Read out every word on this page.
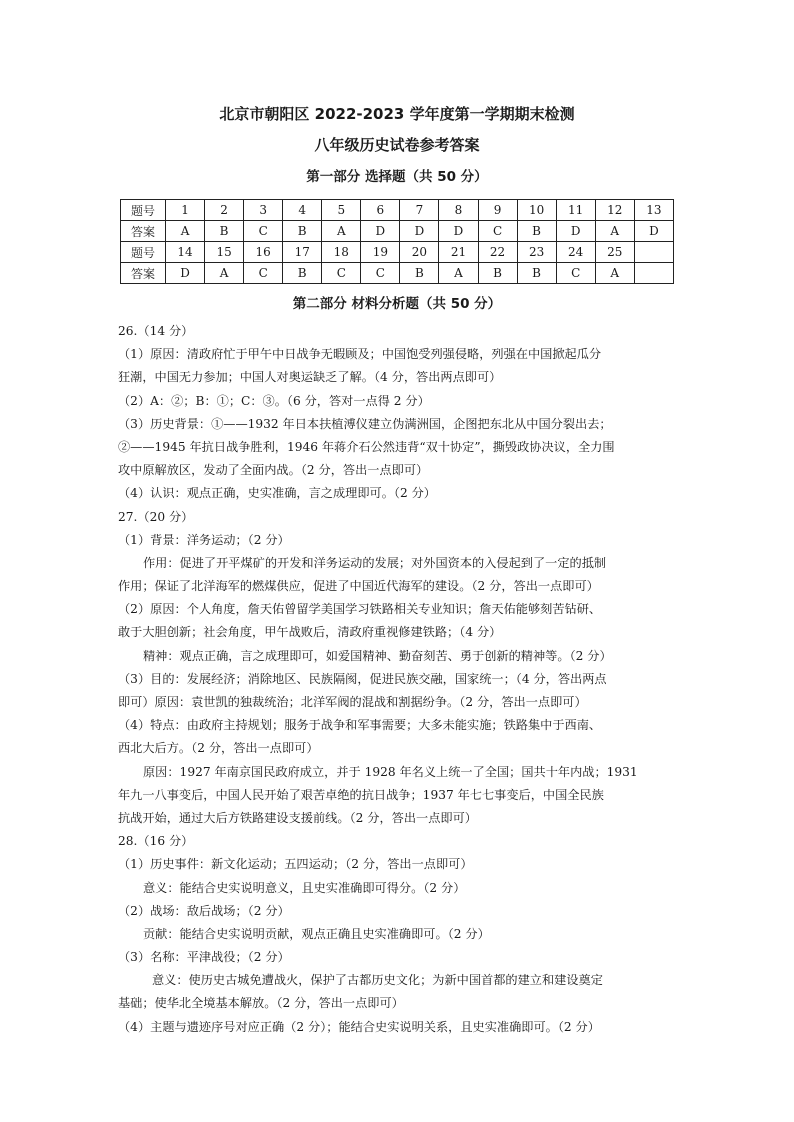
北京市朝阳区 2022-2023 学年度第一学期期末检测
八年级历史试卷参考答案
第一部分 选择题（共 50 分）
题号	1	2	3	4	5	6	7	8	9	10	11	12	13
答案	A	B	C	B	A	D	D	D	C	B	D	A	D
题号	14	15	16	17	18	19	20	21	22	23	24	25	
答案	D	A	C	B	C	C	B	A	B	B	C	A	
第二部分 材料分析题（共 50 分）
26.（14 分）
（1）原因：清政府忙于甲午中日战争无暇顾及；中国饱受列强侵略，列强在中国掀起瓜分
狂潮，中国无力参加；中国人对奥运缺乏了解。（4 分，答出两点即可）
（2）A：②；B：①；C：③。（6 分，答对一点得 2 分）
（3）历史背景：①——1932 年日本扶植溥仪建立伪满洲国，企图把东北从中国分裂出去；
②——1945 年抗日战争胜利，1946 年蒋介石公然违背“双十协定”，撕毁政协决议，全力围
攻中原解放区，发动了全面内战。（2 分，答出一点即可）
（4）认识：观点正确，史实准确，言之成理即可。（2 分）
27.（20 分）
（1）背景：洋务运动；（2 分）
作用：促进了开平煤矿的开发和洋务运动的发展；对外国资本的入侵起到了一定的抵制
作用；保证了北洋海军的燃煤供应，促进了中国近代海军的建设。（2 分，答出一点即可）
（2）原因：个人角度，詹天佑曾留学美国学习铁路相关专业知识；詹天佑能够刻苦钻研、
敢于大胆创新；社会角度，甲午战败后，清政府重视修建铁路；（4 分）
精神：观点正确，言之成理即可，如爱国精神、勤奋刻苦、勇于创新的精神等。（2 分）
（3）目的：发展经济；消除地区、民族隔阂，促进民族交融，国家统一；（4 分，答出两点
即可）原因：袁世凯的独裁统治；北洋军阀的混战和割据纷争。（2 分，答出一点即可）
（4）特点：由政府主持规划；服务于战争和军事需要；大多未能实施；铁路集中于西南、
西北大后方。（2 分，答出一点即可）
原因：1927 年南京国民政府成立，并于 1928 年名义上统一了全国；国共十年内战；1931
年九一八事变后，中国人民开始了艰苦卓绝的抗日战争；1937 年七七事变后，中国全民族
抗战开始，通过大后方铁路建设支援前线。（2 分，答出一点即可）
28.（16 分）
（1）历史事件：新文化运动；五四运动；（2 分，答出一点即可）
意义：能结合史实说明意义，且史实准确即可得分。（2 分）
（2）战场：敌后战场；（2 分）
贡献：能结合史实说明贡献，观点正确且史实准确即可。（2 分）
（3）名称：平津战役；（2 分）
意义：使历史古城免遭战火，保护了古都历史文化；为新中国首都的建立和建设奠定
基础；使华北全境基本解放。（2 分，答出一点即可）
（4）主题与遗迹序号对应正确（2 分）；能结合史实说明关系，且史实准确即可。（2 分）
